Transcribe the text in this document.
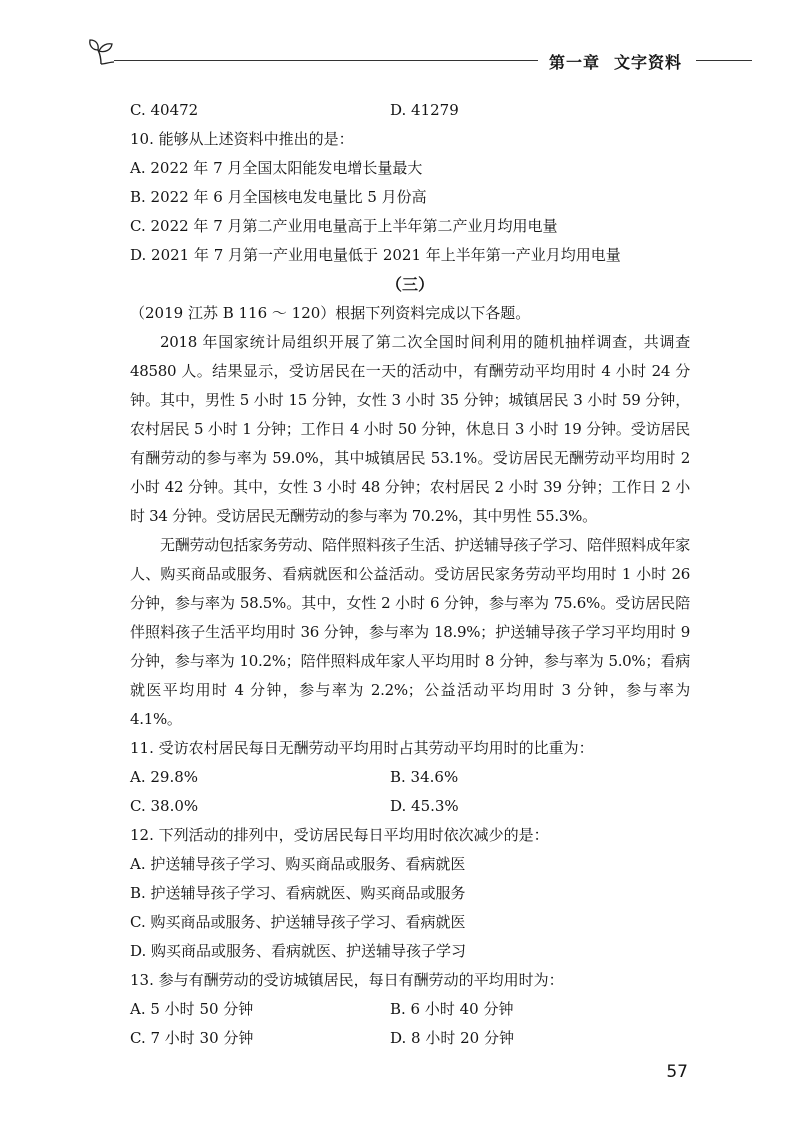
第一章 文字资料
C. 40472	D. 41279
10. 能够从上述资料中推出的是：
A. 2022 年 7 月全国太阳能发电增长量最大
B. 2022 年 6 月全国核电发电量比 5 月份高
C. 2022 年 7 月第二产业用电量高于上半年第二产业月均用电量
D. 2021 年 7 月第一产业用电量低于 2021 年上半年第一产业月均用电量
（三）
（2019 江苏 B 116 ～ 120）根据下列资料完成以下各题。

2018 年国家统计局组织开展了第二次全国时间利用的随机抽样调查，共调查 48580 人。结果显示，受访居民在一天的活动中，有酬劳动平均用时 4 小时 24 分钟。其中，男性 5 小时 15 分钟，女性 3 小时 35 分钟；城镇居民 3 小时 59 分钟，农村居民 5 小时 1 分钟；工作日 4 小时 50 分钟，休息日 3 小时 19 分钟。受访居民有酬劳动的参与率为 59.0%，其中城镇居民 53.1%。受访居民无酬劳动平均用时 2 小时 42 分钟。其中，女性 3 小时 48 分钟；农村居民 2 小时 39 分钟；工作日 2 小时 34 分钟。受访居民无酬劳动的参与率为 70.2%，其中男性 55.3%。

无酬劳动包括家务劳动、陪伴照料孩子生活、护送辅导孩子学习、陪伴照料成年家人、购买商品或服务、看病就医和公益活动。受访居民家务劳动平均用时 1 小时 26 分钟，参与率为 58.5%。其中，女性 2 小时 6 分钟，参与率为 75.6%。受访居民陪伴照料孩子生活平均用时 36 分钟，参与率为 18.9%；护送辅导孩子学习平均用时 9 分钟，参与率为 10.2%；陪伴照料成年家人平均用时 8 分钟，参与率为 5.0%；看病就医平均用时 4 分钟，参与率为 2.2%；公益活动平均用时 3 分钟，参与率为 4.1%。

11. 受访农村居民每日无酬劳动平均用时占其劳动平均用时的比重为：
A. 29.8%	B. 34.6%
C. 38.0%	D. 45.3%
12. 下列活动的排列中，受访居民每日平均用时依次减少的是：
A. 护送辅导孩子学习、购买商品或服务、看病就医
B. 护送辅导孩子学习、看病就医、购买商品或服务
C. 购买商品或服务、护送辅导孩子学习、看病就医
D. 购买商品或服务、看病就医、护送辅导孩子学习
13. 参与有酬劳动的受访城镇居民，每日有酬劳动的平均用时为：
A. 5 小时 50 分钟	B. 6 小时 40 分钟
C. 7 小时 30 分钟	D. 8 小时 20 分钟
57
